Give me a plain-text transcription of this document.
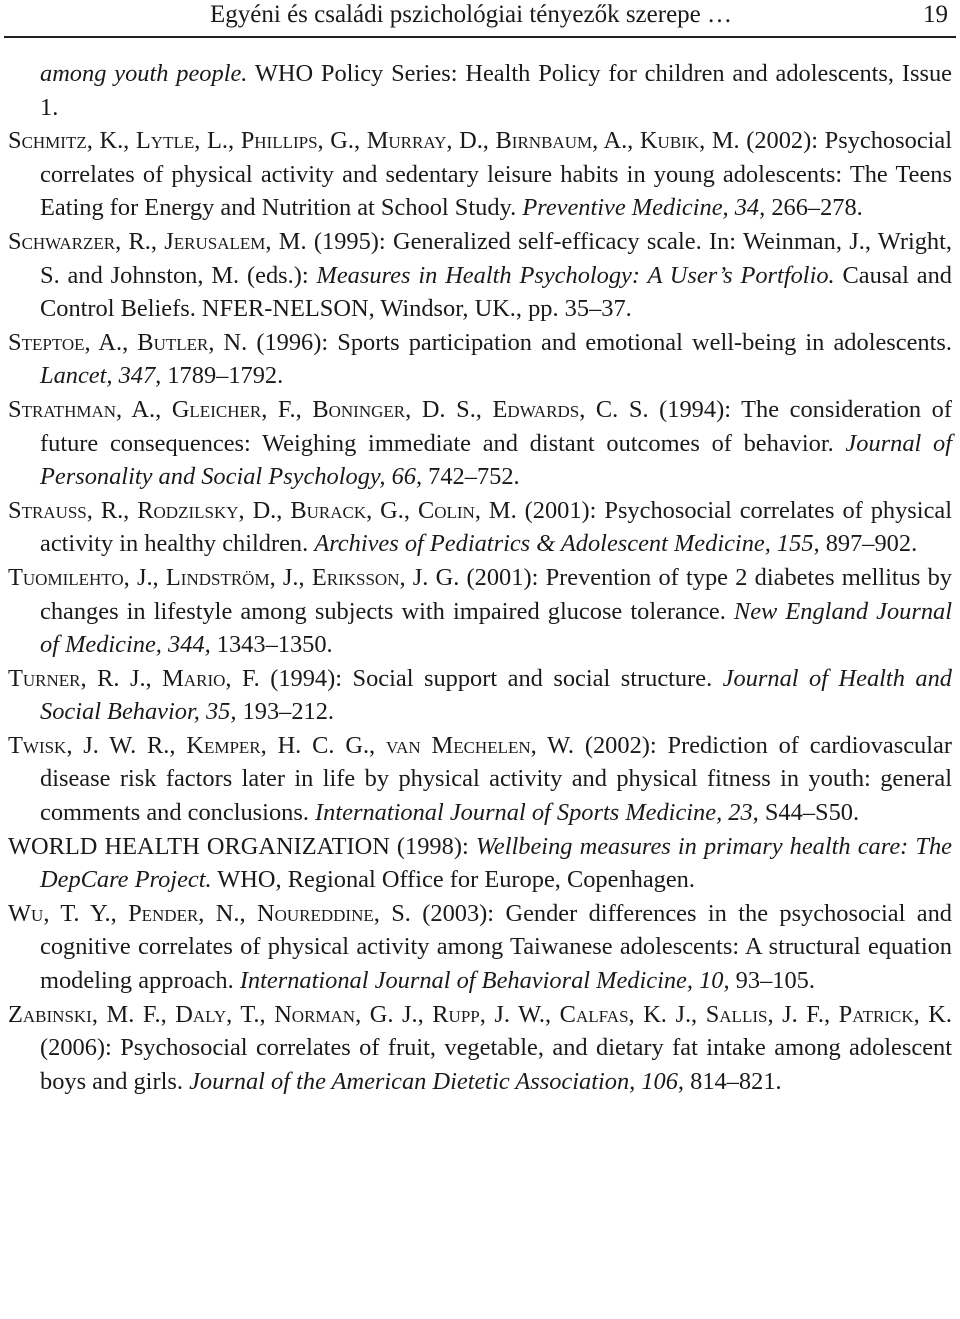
Egyéni és családi pszichológiai tényezők szerepe …	19

among youth people. WHO Policy Series: Health Policy for children and adolescents, Issue 1.

Schmitz, K., Lytle, L., Phillips, G., Murray, D., Birnbaum, A., Kubik, M. (2002): Psychosocial correlates of physical activity and sedentary leisure habits in young adolescents: The Teens Eating for Energy and Nutrition at School Study. Preventive Medicine, 34, 266–278.

Schwarzer, R., Jerusalem, M. (1995): Generalized self-efficacy scale. In: Weinman, J., Wright, S. and Johnston, M. (eds.): Measures in Health Psychology: A User’s Portfolio. Causal and Control Beliefs. NFER-NELSON, Windsor, UK., pp. 35–37.

Steptoe, A., Butler, N. (1996): Sports participation and emotional well-being in adolescents. Lancet, 347, 1789–1792.

Strathman, A., Gleicher, F., Boninger, D. S., Edwards, C. S. (1994): The consideration of future consequences: Weighing immediate and distant outcomes of behavior. Journal of Personality and Social Psychology, 66, 742–752.

Strauss, R., Rodzilsky, D., Burack, G., Colin, M. (2001): Psychosocial correlates of physical activity in healthy children. Archives of Pediatrics & Adolescent Medicine, 155, 897–902.

Tuomilehto, J., Lindström, J., Eriksson, J. G. (2001): Prevention of type 2 diabetes mellitus by changes in lifestyle among subjects with impaired glucose tolerance. New England Journal of Medicine, 344, 1343–1350.

Turner, R. J., Mario, F. (1994): Social support and social structure. Journal of Health and Social Behavior, 35, 193–212.

Twisk, J. W. R., Kemper, H. C. G., van Mechelen, W. (2002): Prediction of cardiovascular disease risk factors later in life by physical activity and physical fitness in youth: general comments and conclusions. International Journal of Sports Medicine, 23, S44–S50.

WORLD HEALTH ORGANIZATION (1998): Wellbeing measures in primary health care: The DepCare Project. WHO, Regional Office for Europe, Copenhagen.

Wu, T. Y., Pender, N., Noureddine, S. (2003): Gender differences in the psychosocial and cognitive correlates of physical activity among Taiwanese adolescents: A structural equation modeling approach. International Journal of Behavioral Medicine, 10, 93–105.

Zabinski, M. F., Daly, T., Norman, G. J., Rupp, J. W., Calfas, K. J., Sallis, J. F., Patrick, K. (2006): Psychosocial correlates of fruit, vegetable, and dietary fat intake among adolescent boys and girls. Journal of the American Dietetic Association, 106, 814–821.
